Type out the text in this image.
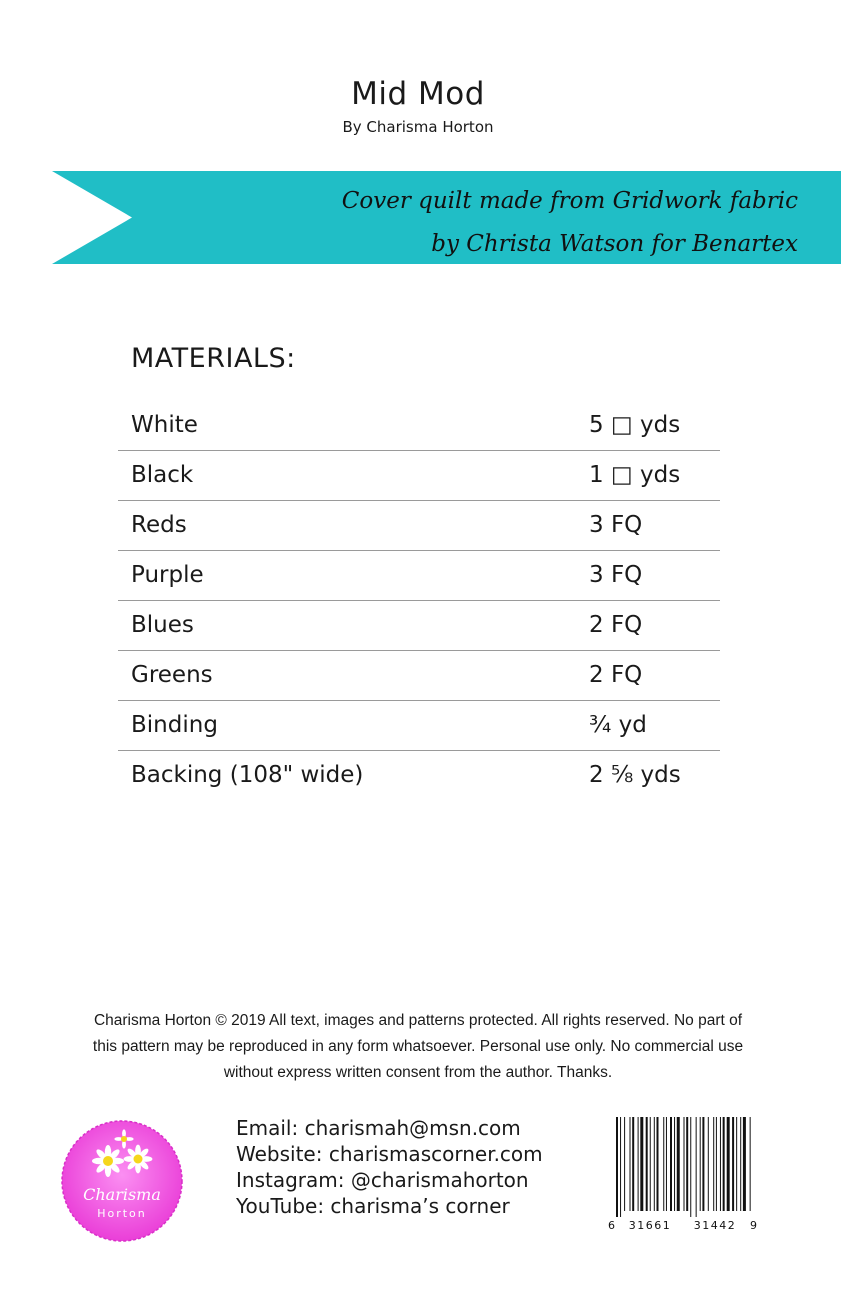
Mid Mod
By Charisma Horton
Cover quilt made from Gridwork fabric
by Christa Watson for Benartex
MATERIALS:
White	5 □ yds
Black	1 □ yds
Reds	3 FQ
Purple	3 FQ
Blues	2 FQ
Greens	2 FQ
Binding	¾ yd
Backing (108" wide)	2 ⅝ yds
Charisma Horton © 2019 All text, images and patterns protected. All rights reserved. No part of
this pattern may be reproduced in any form whatsoever. Personal use only. No commercial use
without express written consent from the author. Thanks.
Charisma
Horton
Email: charismah@msn.com
Website: charismascorner.com
Instagram: @charismahorton
YouTube: charisma’s corner
6 31661 31442 9
